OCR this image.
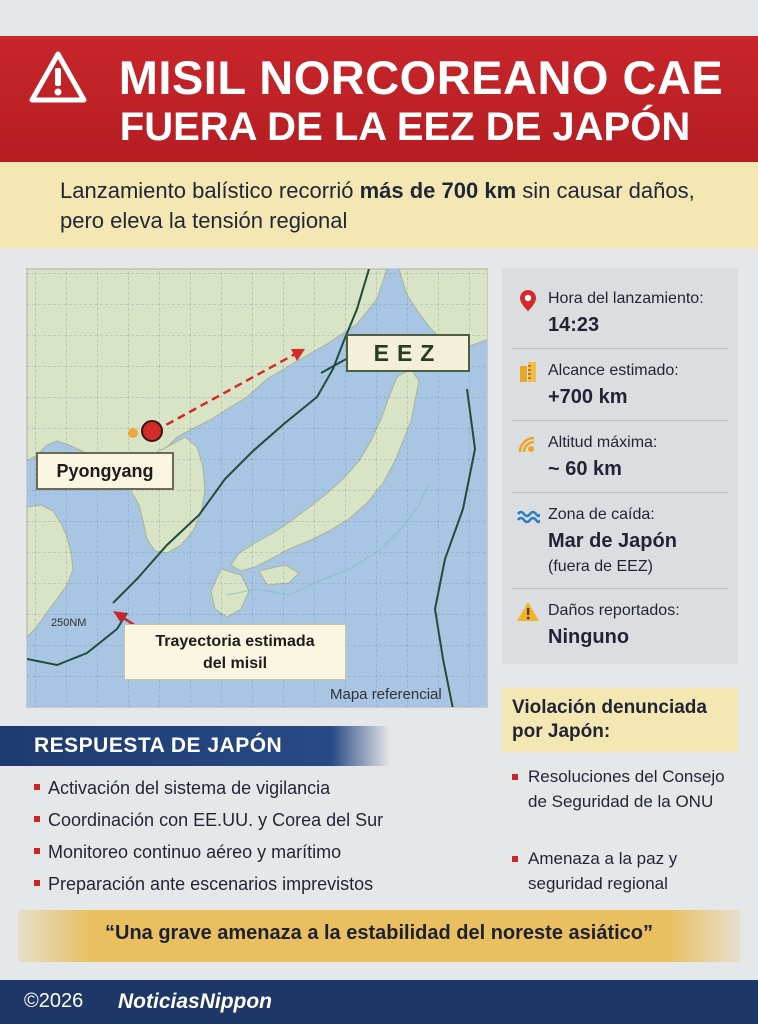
MISIL NORCOREANO CAE
FUERA DE LA EEZ DE JAPÓN
Lanzamiento balístico recorrió más de 700 km sin causar daños, pero eleva la tensión regional
250NM
EEZ
Pyongyang
Trayectoria estimada
del misil
Mapa referencial
Hora del lanzamiento:
14:23
Alcance estimado:
+700 km
Altitud máxima:
~ 60 km
Zona de caída:
Mar de Japón
(fuera de EEZ)
Daños reportados:
Ninguno
RESPUESTA DE JAPÓN
Activación del sistema de vigilancia
Coordinación con EE.UU. y Corea del Sur
Monitoreo continuo aéreo y marítimo
Preparación ante escenarios imprevistos
Violación denunciada por Japón:
Resoluciones del Consejo de Seguridad de la ONU
Amenaza a la paz y seguridad regional
“Una grave amenaza a la estabilidad del noreste asiático”
©2026 NoticiasNippon
